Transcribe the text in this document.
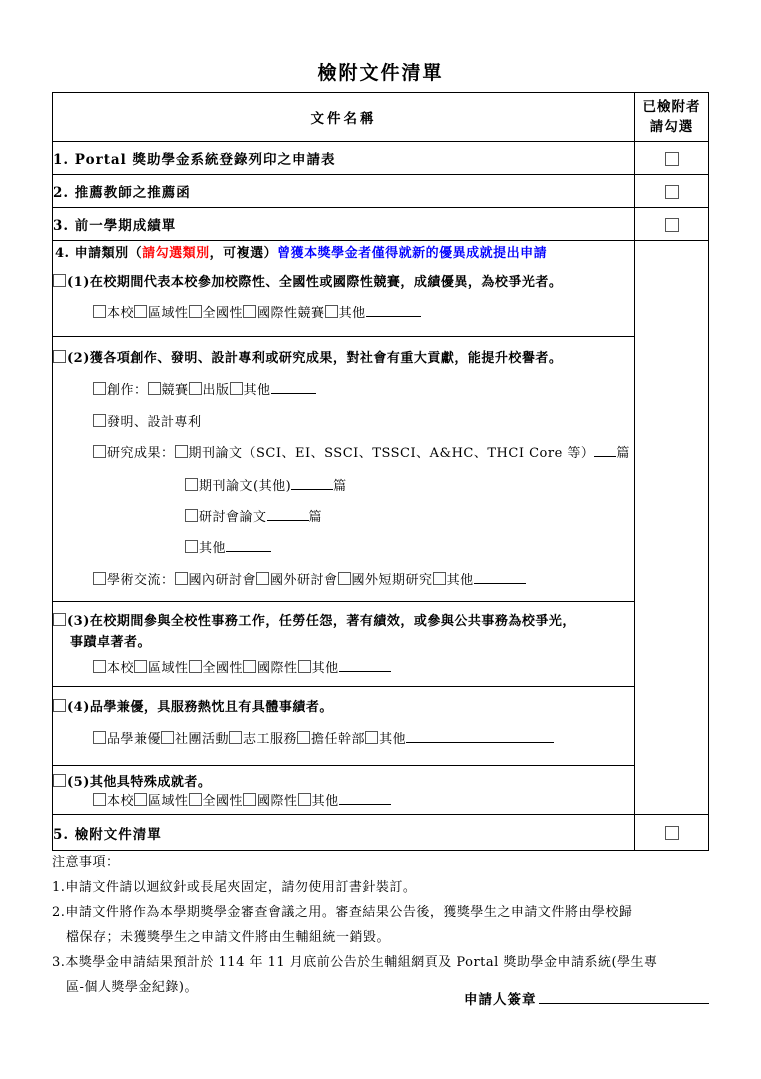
檢附文件清單
文件名稱	已檢附者
請勾選

1. Portal 獎助學金系統登錄列印之申請表	
2. 推薦教師之推薦函	
3. 前一學期成績單	

4. 申請類別（請勾選類別，可複選）曾獲本獎學金者僅得就新的優異成就提出申請
(1)在校期間代表本校參加校際性、全國性或國際性競賽，成績優異，為校爭光者。
本校 區域性 全國性 國際性競賽 其他
(2)獲各項創作、發明、設計專利或研究成果，對社會有重大貢獻，能提升校譽者。
創作： 競賽 出版 其他
發明、設計專利
研究成果： 期刊論文（SCI、EI、SSCI、TSSCI、A&HC、THCI Core 等） 篇
期刊論文(其他)	篇
研討會論文	篇
其他
學術交流： 國內研討會 國外研討會 國外短期研究 其他
(3)在校期間參與全校性事務工作，任勞任怨，著有績效，或參與公共事務為校爭光，
事蹟卓著者。
本校 區域性 全國性 國際性 其他
(4)品學兼優，具服務熱忱且有具體事績者。
品學兼優 社團活動 志工服務 擔任幹部 其他
(5)其他具特殊成就者。
本校 區域性 全國性 國際性 其他

5. 檢附文件清單	
注意事項：
1.申請文件請以迴紋針或長尾夾固定，請勿使用訂書針裝訂。
2.申請文件將作為本學期獎學金審查會議之用。審查結果公告後，獲獎學生之申請文件將由學校歸
檔保存；未獲獎學生之申請文件將由生輔組統一銷毀。
3.本獎學金申請結果預計於 114 年 11 月底前公告於生輔組網頁及 Portal 獎助學金申請系統(學生專
區-個人獎學金紀錄)。
申請人簽章
